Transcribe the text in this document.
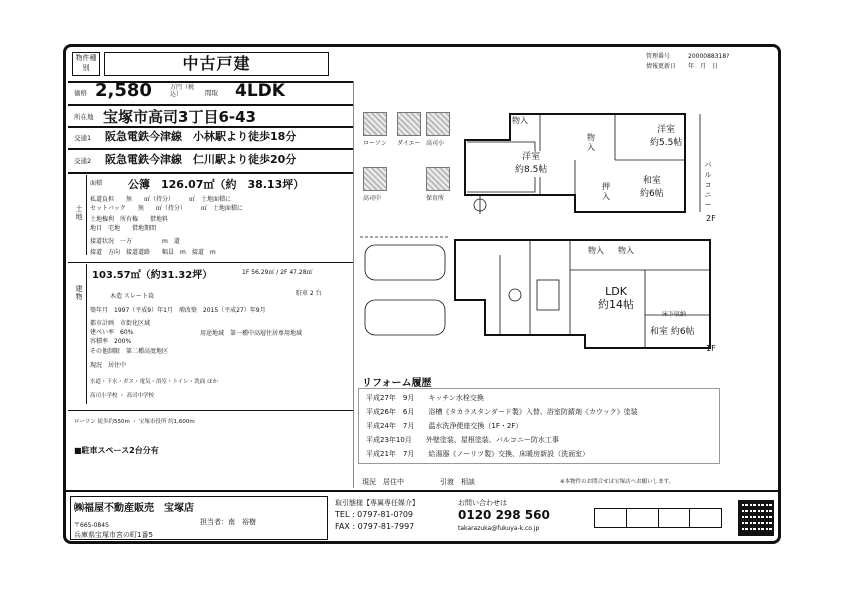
物件種別	中古戸建	管理番号	2000088318?
情報更新日	年　月　日
価格 2,580	万円（税込）	間取 4LDK
所在地 宝塚市高司3丁目6-43
交通1 阪急電鉄今津線　小林駅より徒歩18分
交通2 阪急電鉄今津線　仁川駅より徒歩20分
土地
面積 公簿　126.07㎡（約　38.13坪）
私道負担　　無　　㎡（持分）　　　㎡　土地面積に
セットバック　　無　　㎡（持分）　　　㎡　土地面積に
土地権利　所有権　　借地料
地目　宅地　　借地期間
接道状況　一方　　　　　m　道
接道　方向　接道道路　　幅員　m　接道　m
建物
103.57㎡（約31.32坪）	1F 56.29㎡ / 2F 47.28㎡
駐車 2 台
木造 スレート葺
築年月　1997（平成9）年1月　増改築　2015（平成27）年9月
都市計画　 市街化区域
建ぺい率　 60%
容積率　 200%
用途地域　 第一種中高層住居専用地域
その他制限　 第二種高度地区
現況　 居住中
水道・下水・ガス・電気・浴室・トイレ・洗面 ほか
高司小学校 ・ 高司中学校
ローソン 徒歩約550m ・ 宝塚市役所 約1,600m
■駐車スペース2台分有
ローソン ダイエー 高司小
高司中	保育所
物入
洋室
約5.5帖
洋室
約8.5帖
物入
押入
和室
約6帖
バルコニー
2F
物入 物入
LDK
約14帖
和室 約6帖
床下収納
1F
リフォーム履歴
平成27年　9月　　キッチン水栓交換
平成26年　6月　　浴槽《タカラスタンダード製》入替、浴室防錆剤《カウック》塗装
平成24年　7月　　温水洗浄便座交換（1F・2F）
平成23年10月　　外壁塗装、屋根塗装、バルコニー防水工事
平成21年　7月　　給湯器《ノーリツ製》交換、床暖房新設（洗面室）
現況　 居住中	引渡　 相談	※本物件のお問合せは宝塚店へお願いします。
㈱福屋不動産販売　宝塚店
担当者：南　裕樹
〒665-0845
兵庫県宝塚市宮の町1番5
取引態様【専属専任媒介】
TEL : 0797-81-0?09
FAX : 0797-81-7997
お問い合わせは
0120 298 560
takarazuka@fukuya-k.co.jp
